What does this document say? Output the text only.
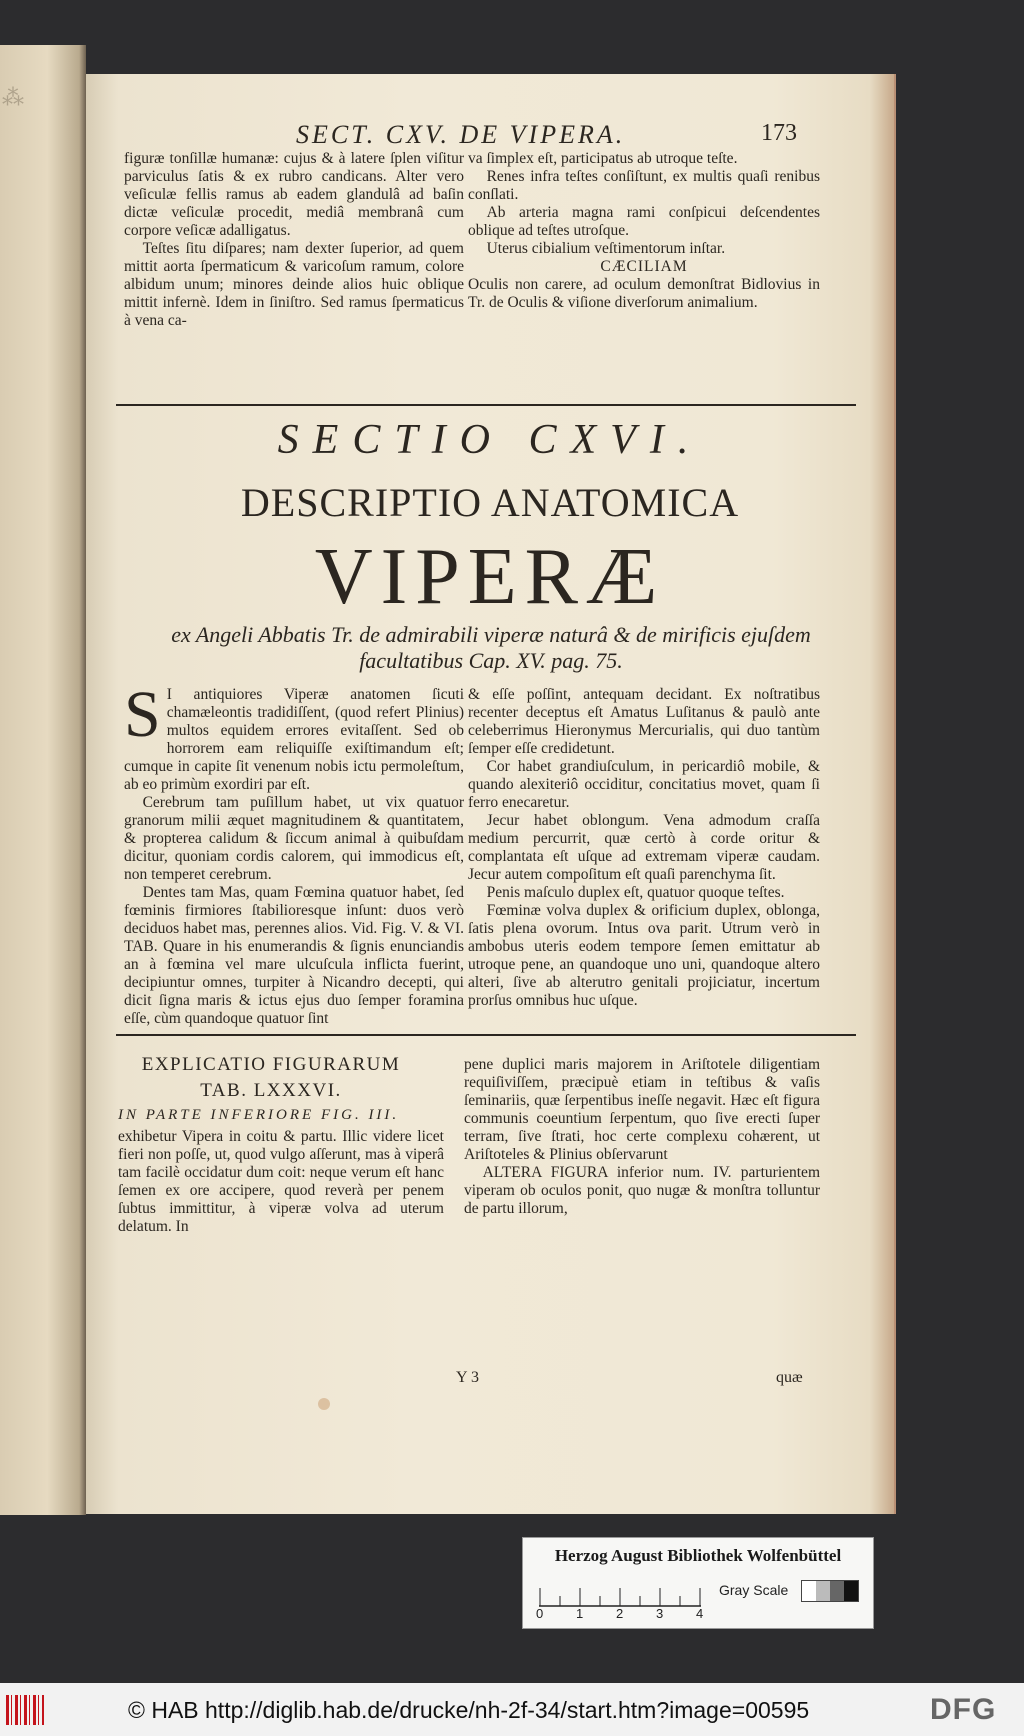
⁂
SECT. CXV. DE VIPERA.	173

figuræ tonſillæ humanæ: cujus & à latere ſplen viſitur parviculus ſatis & ex rubro candicans. Alter vero veſiculæ fellis ramus ab eadem glandulâ ad baſin dictæ veſiculæ procedit, mediâ membranâ cum corpore veſicæ adalligatus.

Teſtes ſitu diſpares; nam dexter ſuperior, ad quem mittit aorta ſpermaticum & varicoſum ramum, colore albidum unum; minores deinde alios huic oblique mittit infernè. Idem in ſiniſtro. Sed ramus ſpermaticus à vena ca-

va ſimplex eſt, participatus ab utroque teſte.

Renes infra teſtes conſiſtunt, ex multis quaſi renibus conſlati.

Ab arteria magna rami conſpicui deſcendentes oblique ad teſtes utroſque.

Uterus cibialium veſtimentorum inſtar.

CÆCILIAM

Oculis non carere, ad oculum demonſtrat Bidlovius in Tr. de Oculis & viſione diverſorum animalium.

SECTIO CXVI.
DESCRIPTIO ANATOMICA
VIPERÆ
ex Angeli Abbatis Tr. de admirabili viperæ naturâ & de mirificis ejuſdem facultatibus Cap. XV. pag. 75.

S I antiquiores Viperæ anatomen ſicuti chamæleontis tradidiſſent, (quod refert Plinius) multos equidem errores evitaſſent. Sed ob horrorem eam reliquiſſe exiſtimandum eſt; cumque in capite ſit venenum nobis ictu permoleſtum, ab eo primùm exordiri par eſt.

Cerebrum tam puſillum habet, ut vix quatuor granorum milii æquet magnitudinem & quantitatem, & propterea calidum & ſiccum animal à quibuſdam dicitur, quoniam cordis calorem, qui immodicus eſt, non temperet cerebrum.

Dentes tam Mas, quam Fœmina quatuor habet, ſed fœminis firmiores ſtabilioresque inſunt: duos verò deciduos habet mas, perennes alios. Vid. Fig. V. & VI. TAB. Quare in his enumerandis & ſignis enunciandis an à fœmina vel mare ulcuſcula inflicta fuerint, decipiuntur omnes, turpiter à Nicandro decepti, qui dicit ſigna maris & ictus ejus duo ſemper foramina eſſe, cùm quandoque quatuor ſint

& eſſe poſſint, antequam decidant. Ex noſtratibus recenter deceptus eſt Amatus Luſitanus & paulò ante celeberrimus Hieronymus Mercurialis, qui duo tantùm ſemper eſſe credidetunt.

Cor habet grandiuſculum, in pericardiô mobile, & quando alexiteriô occiditur, concitatius movet, quam ſi ferro enecaretur.

Jecur habet oblongum. Vena admodum craſſa medium percurrit, quæ certò à corde oritur & complantata eſt uſque ad extremam viperæ caudam. Jecur autem compoſitum eſt quaſi parenchyma ſit.

Penis maſculo duplex eſt, quatuor quoque teſtes.

Fœminæ volva duplex & orificium duplex, oblonga, ſatis plena ovorum. Intus ova parit. Utrum verò in ambobus uteris eodem tempore ſemen emittatur ab utroque pene, an quandoque uno uni, quandoque altero alteri, ſive ab alterutro genitali projiciatur, incertum prorſus omnibus huc uſque.

EXPLICATIO FIGURARUM
TAB. LXXXVI.
IN PARTE INFERIORE FIG. III.

exhibetur Vipera in coitu & partu. Illic videre licet fieri non poſſe, ut, quod vulgo aſſerunt, mas à viperâ tam facilè occidatur dum coit: neque verum eſt hanc ſemen ex ore accipere, quod reverà per penem ſubtus immittitur, à viperæ volva ad uterum delatum. In

pene duplici maris majorem in Ariſtotele diligentiam requiſiviſſem, præcipuè etiam in teſtibus & vaſis ſeminariis, quæ ſerpentibus ineſſe negavit. Hæc eſt figura communis coeuntium ſerpentum, quo ſive erecti ſuper terram, ſive ſtrati, hoc certe complexu cohærent, ut Ariſtoteles & Plinius obſervarunt

ALTERA FIGURA inferior num. IV. parturientem viperam ob oculos ponit, quo nugæ & monſtra tolluntur de partu illorum,

Y 3	quæ
Herzog August Bibliothek Wolfenbüttel
0	1	2	3	4
Gray Scale
© HAB http://diglib.hab.de/drucke/nh-2f-34/start.htm?image=00595	DFG
